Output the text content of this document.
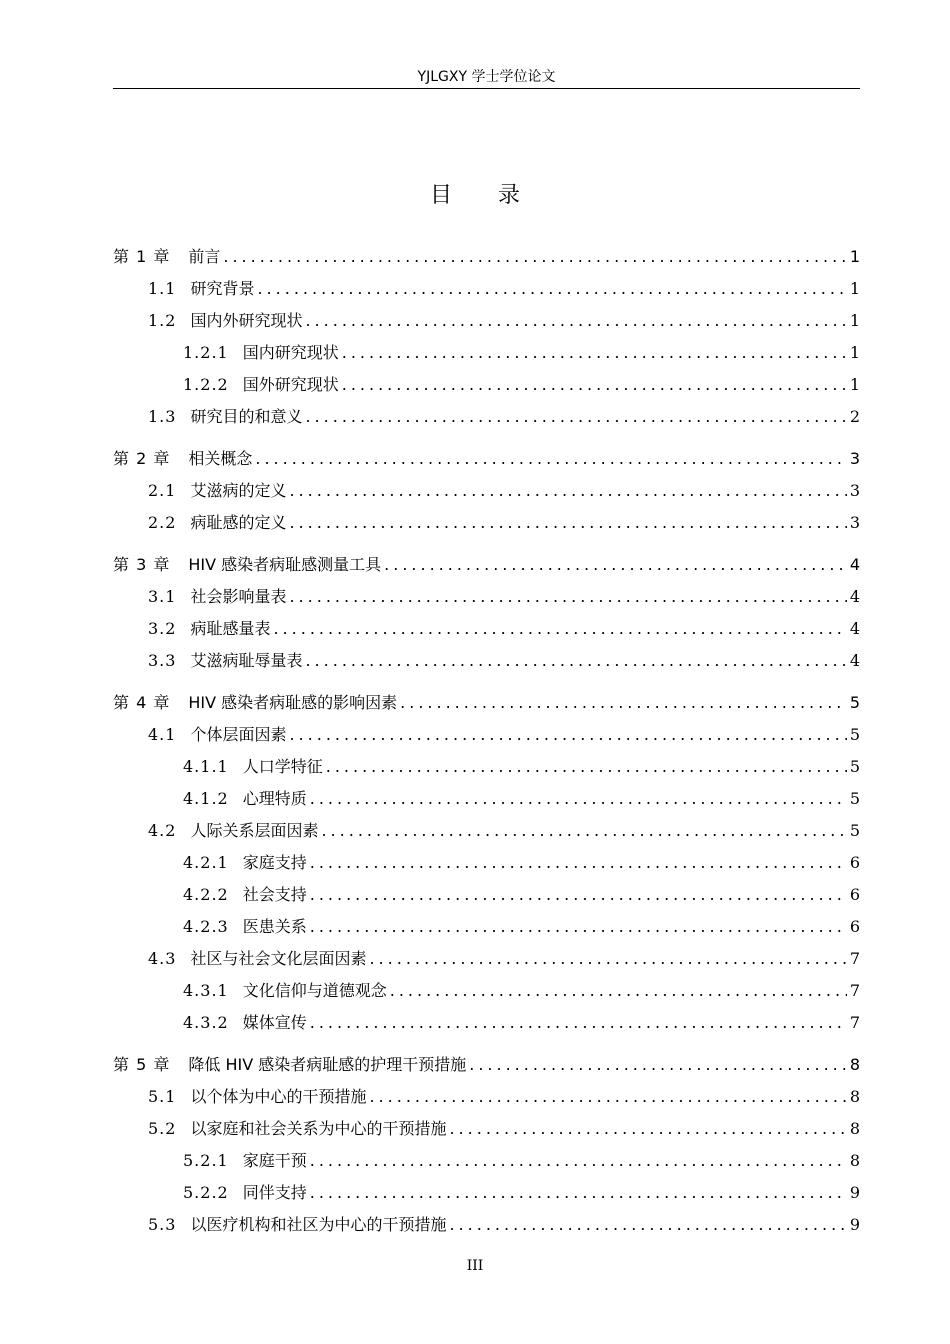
YJLGXY 学士学位论文
目录
第 1 章 前言 .....	1
1.1 研究背景 .....	1
1.2 国内外研究现状 .....	1
1.2.1 国内研究现状 .....	1
1.2.2 国外研究现状 .....	1
1.3 研究目的和意义 .....	2
第 2 章 相关概念 .....	3
2.1 艾滋病的定义 .....	3
2.2 病耻感的定义 .....	3
第 3 章 HIV 感染者病耻感测量工具 .....	4
3.1 社会影响量表 .....	4
3.2 病耻感量表 .....	4
3.3 艾滋病耻辱量表 .....	4
第 4 章 HIV 感染者病耻感的影响因素 .....	5
4.1 个体层面因素 .....	5
4.1.1 人口学特征 .....	5
4.1.2 心理特质 .....	5
4.2 人际关系层面因素 .....	5
4.2.1 家庭支持 .....	6
4.2.2 社会支持 .....	6
4.2.3 医患关系 .....	6
4.3 社区与社会文化层面因素 .....	7
4.3.1 文化信仰与道德观念 .....	7
4.3.2 媒体宣传 .....	7
第 5 章 降低 HIV 感染者病耻感的护理干预措施 .....	8
5.1 以个体为中心的干预措施 .....	8
5.2 以家庭和社会关系为中心的干预措施 .....	8
5.2.1 家庭干预 .....	8
5.2.2 同伴支持 .....	9
5.3 以医疗机构和社区为中心的干预措施 .....	9
III
